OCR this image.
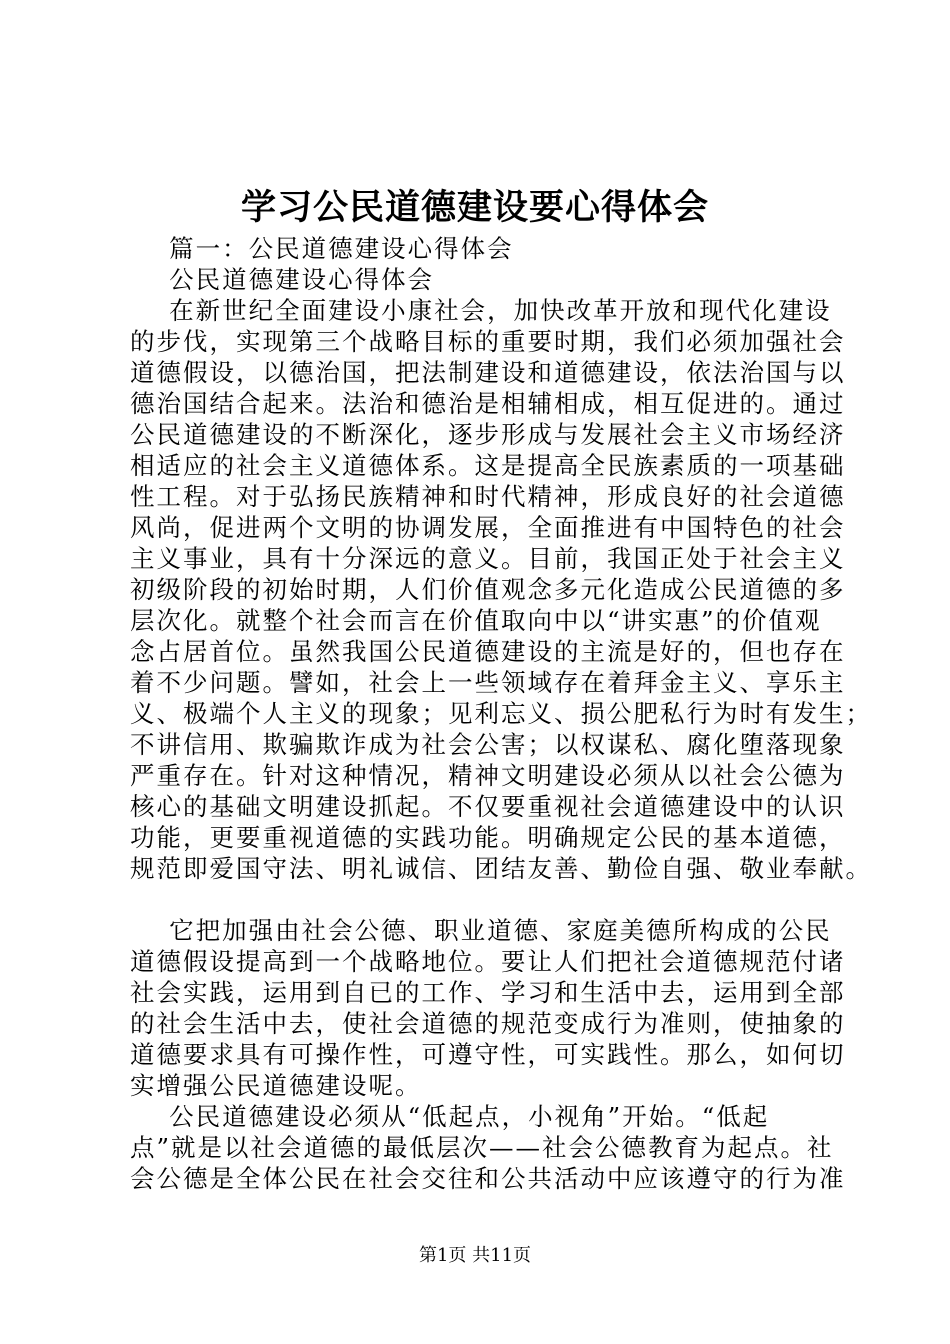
学习公民道德建设要心得体会
篇一：公民道德建设心得体会
公民道德建设心得体会
在新世纪全面建设小康社会，加快改革开放和现代化建设
的步伐，实现第三个战略目标的重要时期，我们必须加强社会
道德假设，以德治国，把法制建设和道德建设，依法治国与以
德治国结合起来。法治和德治是相辅相成，相互促进的。通过
公民道德建设的不断深化，逐步形成与发展社会主义市场经济
相适应的社会主义道德体系。这是提高全民族素质的一项基础
性工程。对于弘扬民族精神和时代精神，形成良好的社会道德
风尚，促进两个文明的协调发展，全面推进有中国特色的社会
主义事业，具有十分深远的意义。目前，我国正处于社会主义
初级阶段的初始时期，人们价值观念多元化造成公民道德的多
层次化。就整个社会而言在价值取向中以“讲实惠”的价值观
念占居首位。虽然我国公民道德建设的主流是好的，但也存在
着不少问题。譬如，社会上一些领域存在着拜金主义、享乐主
义、极端个人主义的现象；见利忘义、损公肥私行为时有发生；
不讲信用、欺骗欺诈成为社会公害；以权谋私、腐化堕落现象
严重存在。针对这种情况，精神文明建设必须从以社会公德为
核心的基础文明建设抓起。不仅要重视社会道德建设中的认识
功能，更要重视道德的实践功能。明确规定公民的基本道德，
规范即爱国守法、明礼诚信、团结友善、勤俭自强、敬业奉献。
它把加强由社会公德、职业道德、家庭美德所构成的公民
道德假设提高到一个战略地位。要让人们把社会道德规范付诸
社会实践，运用到自已的工作、学习和生活中去，运用到全部
的社会生活中去，使社会道德的规范变成行为准则，使抽象的
道德要求具有可操作性，可遵守性，可实践性。那么，如何切
实增强公民道德建设呢。
公民道德建设必须从“低起点，小视角”开始。“低起
点”就是以社会道德的最低层次——社会公德教育为起点。社
会公德是全体公民在社会交往和公共活动中应该遵守的行为准
第1页 共11页
